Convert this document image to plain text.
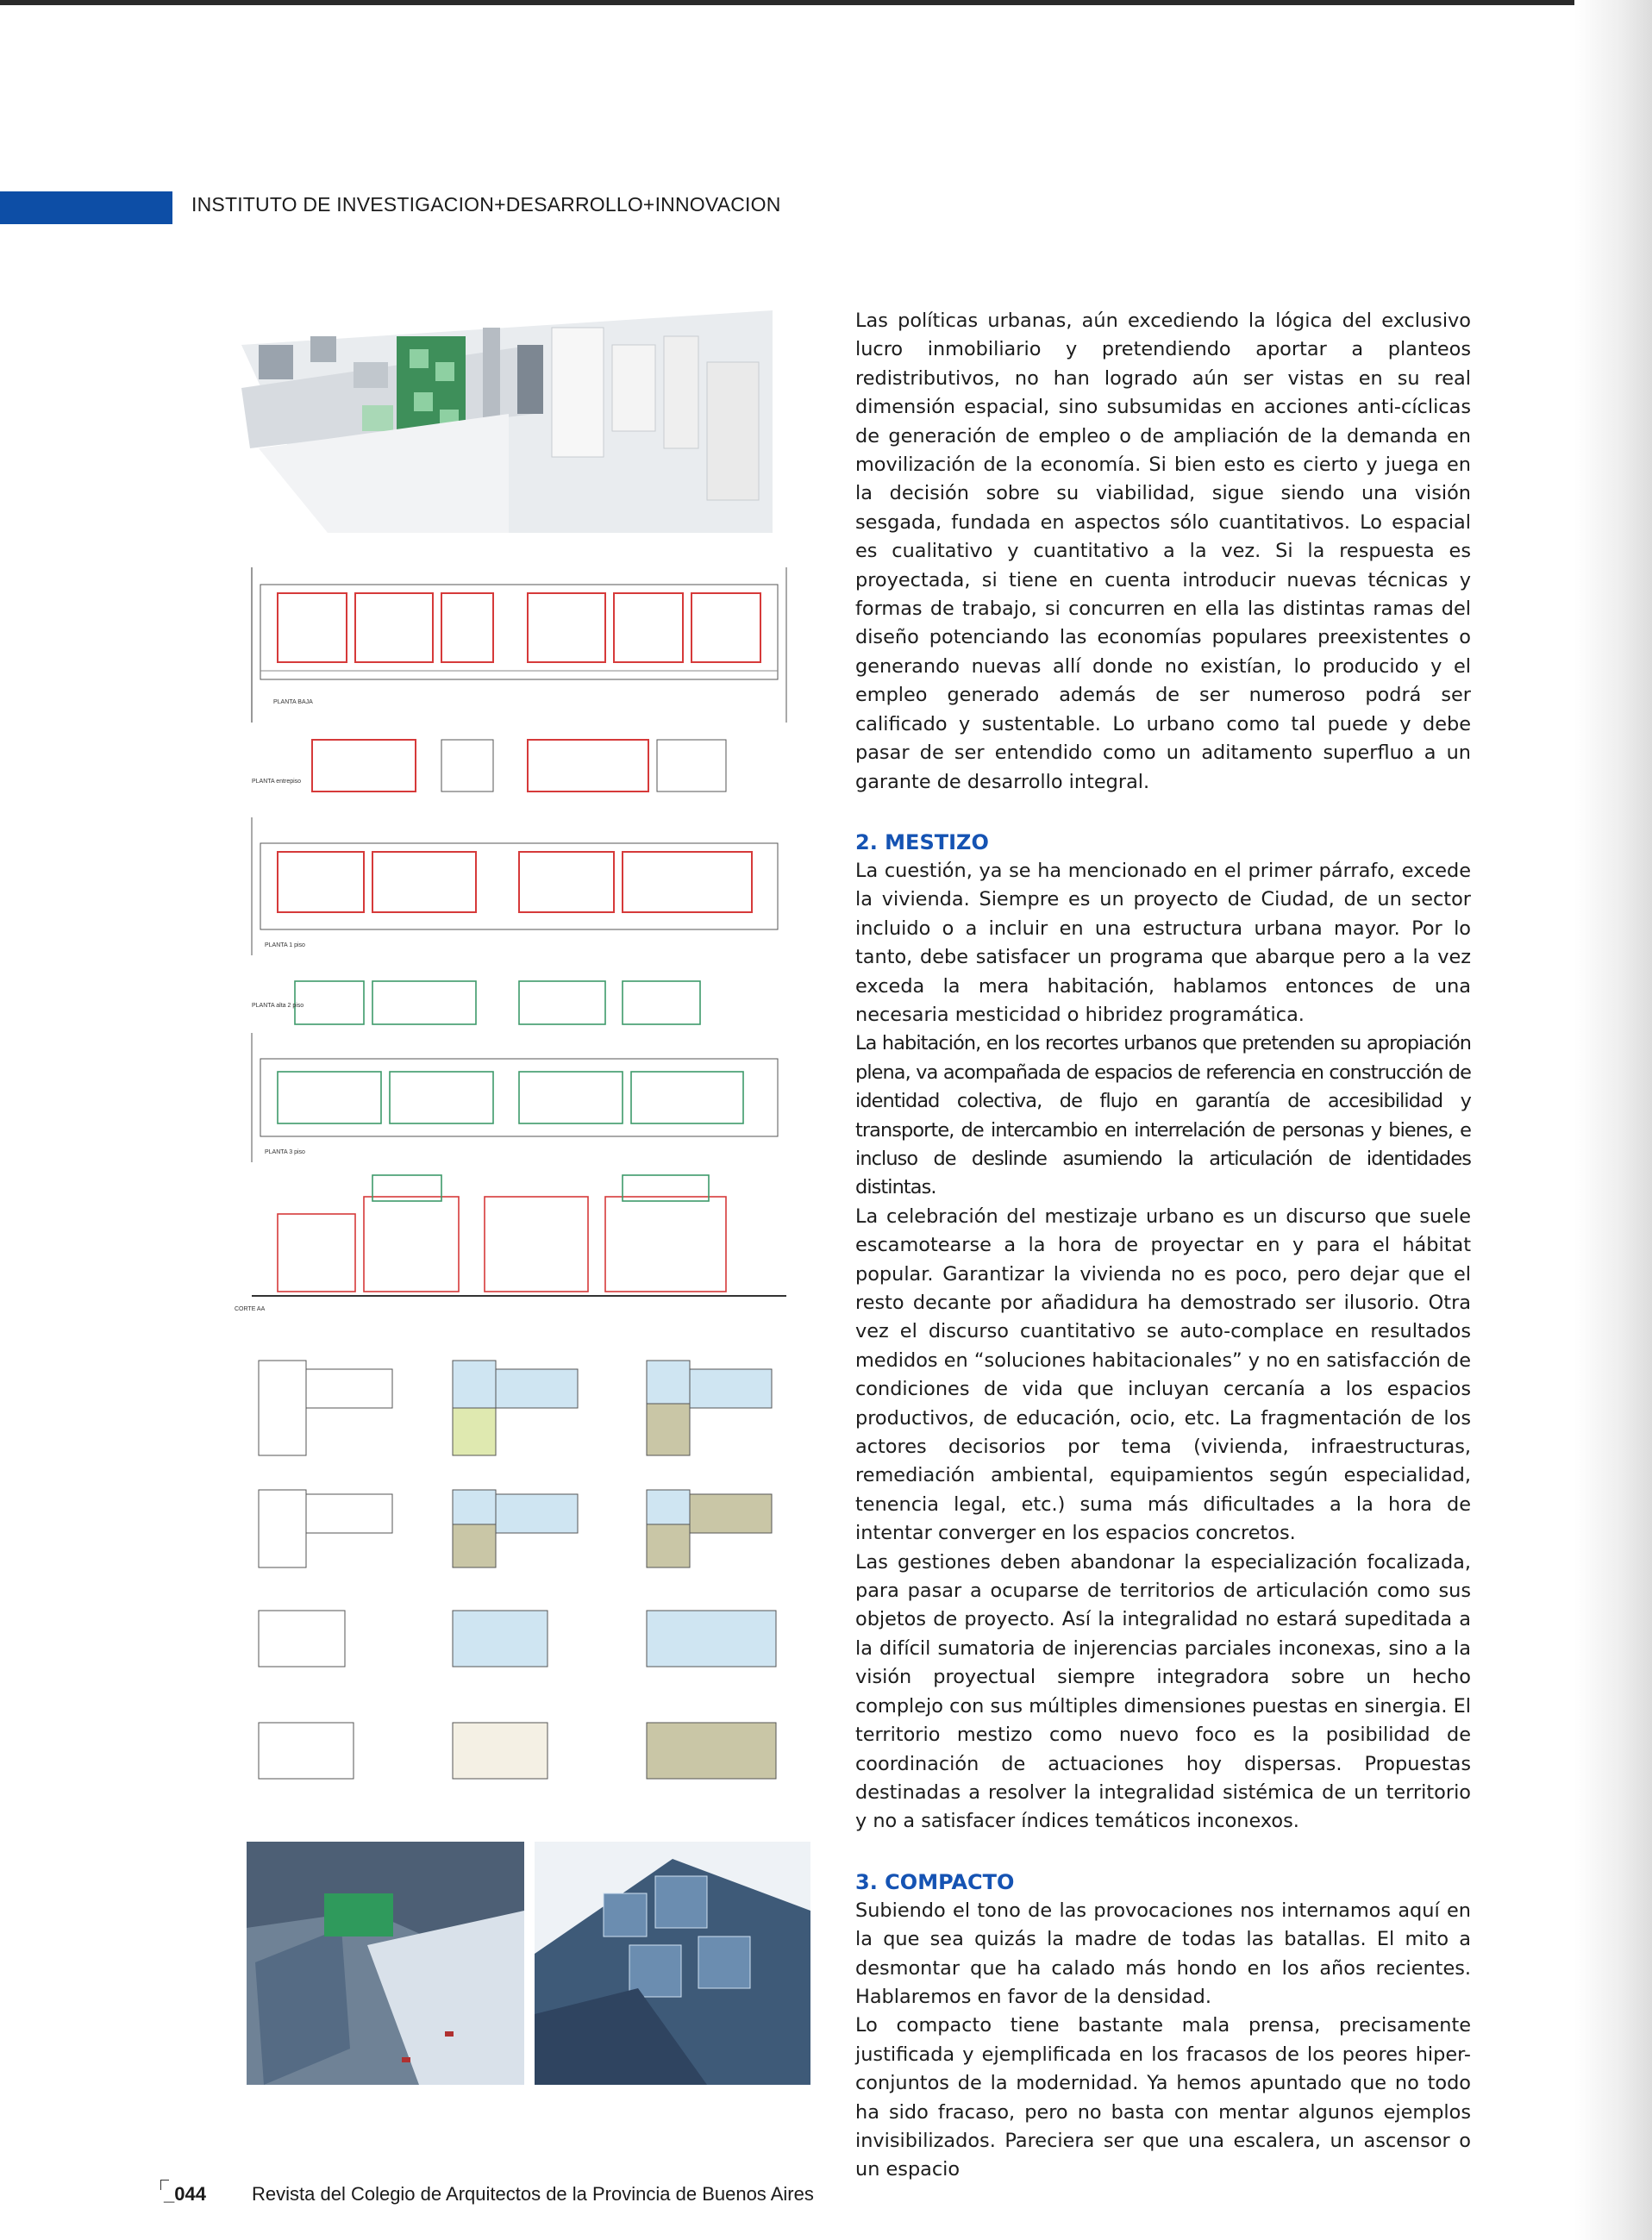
INSTITUTO DE INVESTIGACION+DESARROLLO+INNOVACION
PLANTA BAJA
PLANTA entrepiso
PLANTA 1 piso
PLANTA alta 2 piso
PLANTA 3 piso
CORTE AA

Las políticas urbanas, aún excediendo la lógica del exclusivo lucro inmobiliario y pretendiendo aportar a planteos redistributivos, no han logrado aún ser vistas en su real dimensión espacial, sino subsumidas en acciones anti-cíclicas de generación de empleo o de ampliación de la demanda en movilización de la economía. Si bien esto es cierto y juega en la decisión sobre su viabilidad, sigue siendo una visión sesgada, fundada en aspectos sólo cuantitativos. Lo espacial es cualitativo y cuantitativo a la vez. Si la respuesta es proyectada, si tiene en cuenta introducir nuevas técnicas y formas de trabajo, si concurren en ella las distintas ramas del diseño potenciando las economías populares preexistentes o generando nuevas allí donde no existían, lo producido y el empleo generado además de ser numeroso podrá ser calificado y sustentable. Lo urbano como tal puede y debe pasar de ser entendido como un aditamento superfluo a un garante de desarrollo integral.

2. MESTIZO

La cuestión, ya se ha mencionado en el primer párrafo, excede la vivienda. Siempre es un proyecto de Ciudad, de un sector incluido o a incluir en una estructura urbana mayor. Por lo tanto, debe satisfacer un programa que abarque pero a la vez exceda la mera habitación, hablamos entonces de una necesaria mesticidad o hibridez programática.

La habitación, en los recortes urbanos que pretenden su apropiación plena, va acompañada de espacios de referencia en construcción de identidad colectiva, de flujo en garantía de accesibilidad y transporte, de intercambio en interrelación de personas y bienes, e incluso de deslinde asumiendo la articulación de identidades distintas.

La celebración del mestizaje urbano es un discurso que suele escamotearse a la hora de proyectar en y para el hábitat popular. Garantizar la vivienda no es poco, pero dejar que el resto decante por añadidura ha demostrado ser ilusorio. Otra vez el discurso cuantitativo se auto-complace en resultados medidos en “soluciones habitacionales” y no en satisfacción de condiciones de vida que incluyan cercanía a los espacios productivos, de educación, ocio, etc. La fragmentación de los actores decisorios por tema (vivienda, infraestructuras, remediación ambiental, equipamientos según especialidad, tenencia legal, etc.) suma más dificultades a la hora de intentar converger en los espacios concretos.

Las gestiones deben abandonar la especialización focalizada, para pasar a ocuparse de territorios de articulación como sus objetos de proyecto. Así la integralidad no estará supeditada a la difícil sumatoria de injerencias parciales inconexas, sino a la visión proyectual siempre integradora sobre un hecho complejo con sus múltiples dimensiones puestas en sinergia. El territorio mestizo como nuevo foco es la posibilidad de coordinación de actuaciones hoy dispersas. Propuestas destinadas a resolver la integralidad sistémica de un territorio y no a satisfacer índices temáticos inconexos.

3. COMPACTO

Subiendo el tono de las provocaciones nos internamos aquí en la que sea quizás la madre de todas las batallas. El mito a desmontar que ha calado más hondo en los años recientes. Hablaremos en favor de la densidad.

Lo compacto tiene bastante mala prensa, precisamente justificada y ejemplificada en los fracasos de los peores hiper-conjuntos de la modernidad. Ya hemos apuntado que no todo ha sido fracaso, pero no basta con mentar algunos ejemplos invisibilizados. Pareciera ser que una escalera, un ascensor o un espacio

_044 Revista del Colegio de Arquitectos de la Provincia de Buenos Aires
